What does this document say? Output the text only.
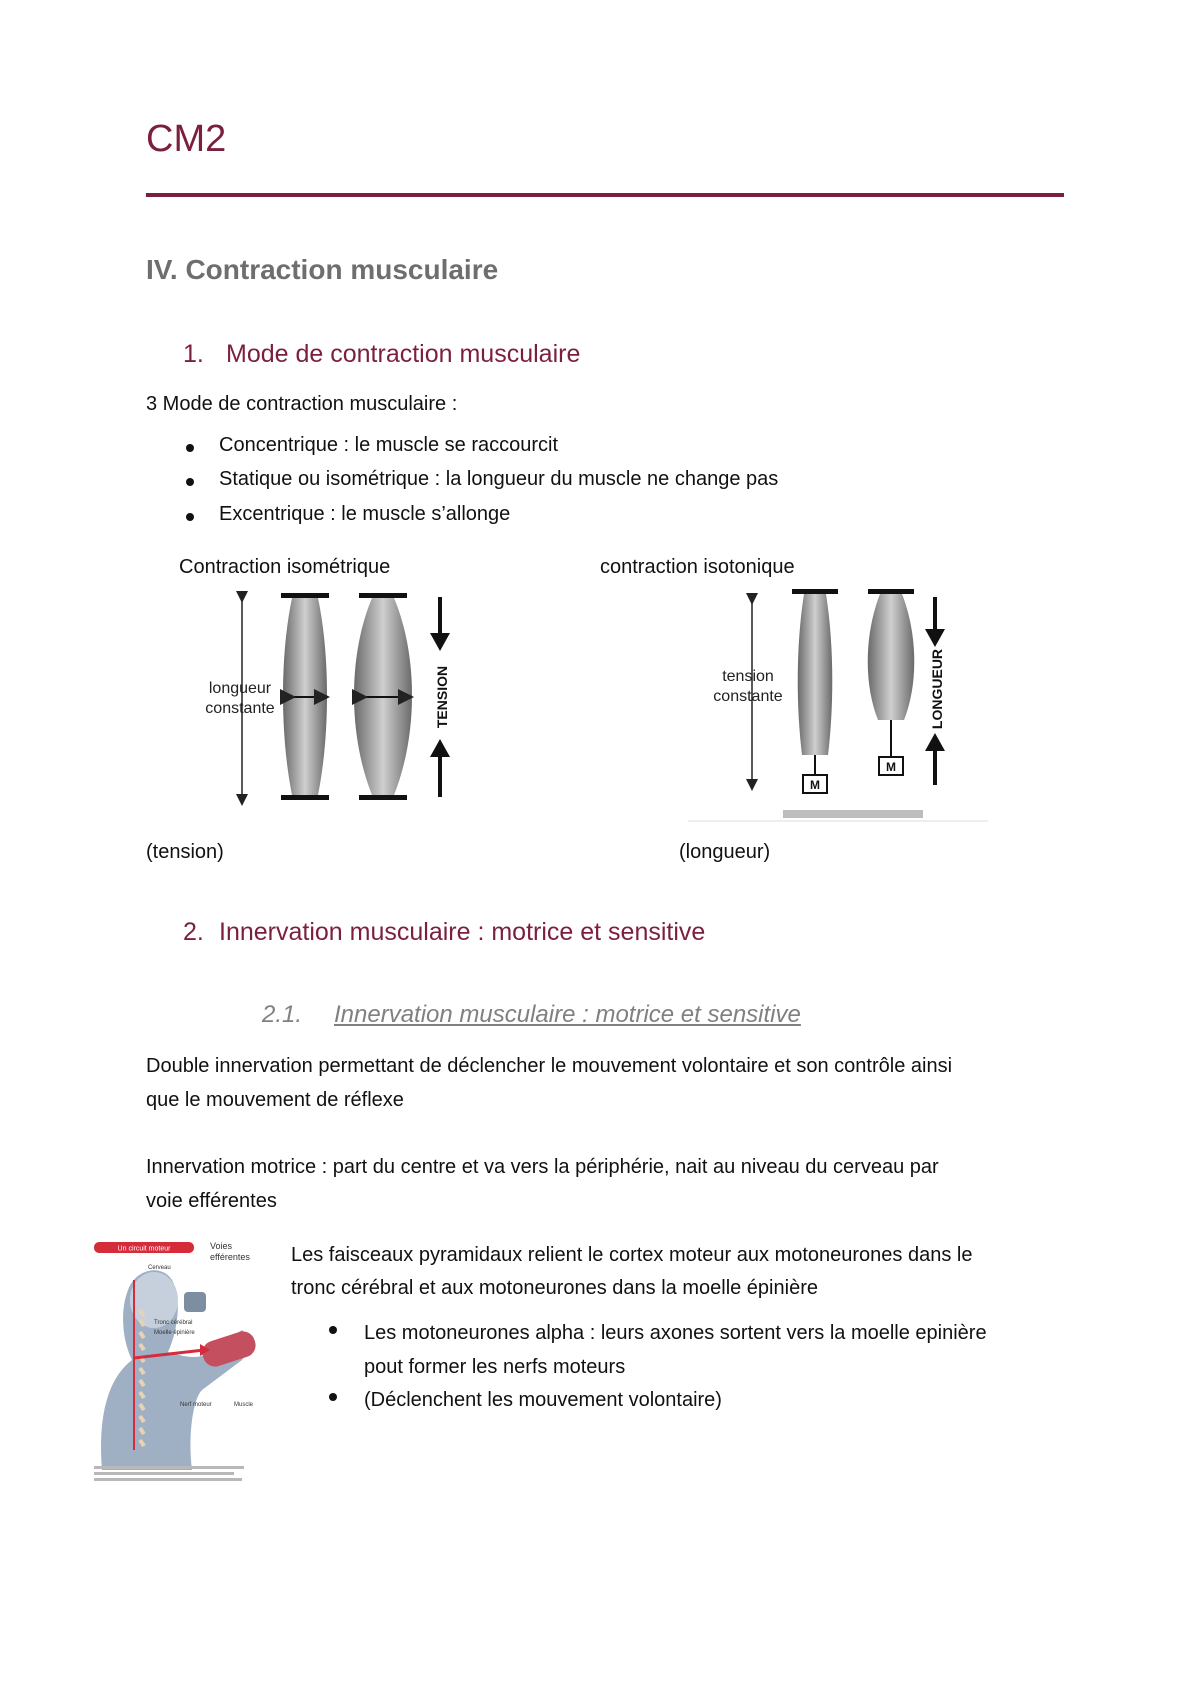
CM2
IV. Contraction musculaire
1. Mode de contraction musculaire
3 Mode de contraction musculaire :
Concentrique : le muscle se raccourcit
Statique ou isométrique : la longueur du muscle ne change pas
Excentrique : le muscle s’allonge
Contraction isométrique	contraction isotonique
longueur
constante	TENSION	tension
constante
M
M
LONGUEUR
(tension)	(longueur)
2. Innervation musculaire : motrice et sensitive
2.1. Innervation musculaire : motrice et sensitive
Double innervation permettant de déclencher le mouvement volontaire et son contrôle ainsi
que le mouvement de réflexe
Innervation motrice : part du centre et va vers la périphérie, nait au niveau du cerveau par
voie efférentes
Un circuit moteur	Voies
efférentes
Cerveau
Tronc cérébral
Moelle épinière
Nerf moteur	Muscle
Les faisceaux pyramidaux relient le cortex moteur aux motoneurones dans le
tronc cérébral et aux motoneurones dans la moelle épinière
Les motoneurones alpha : leurs axones sortent vers la moelle epinière
pout former les nerfs moteurs
(Déclenchent les mouvement volontaire)
